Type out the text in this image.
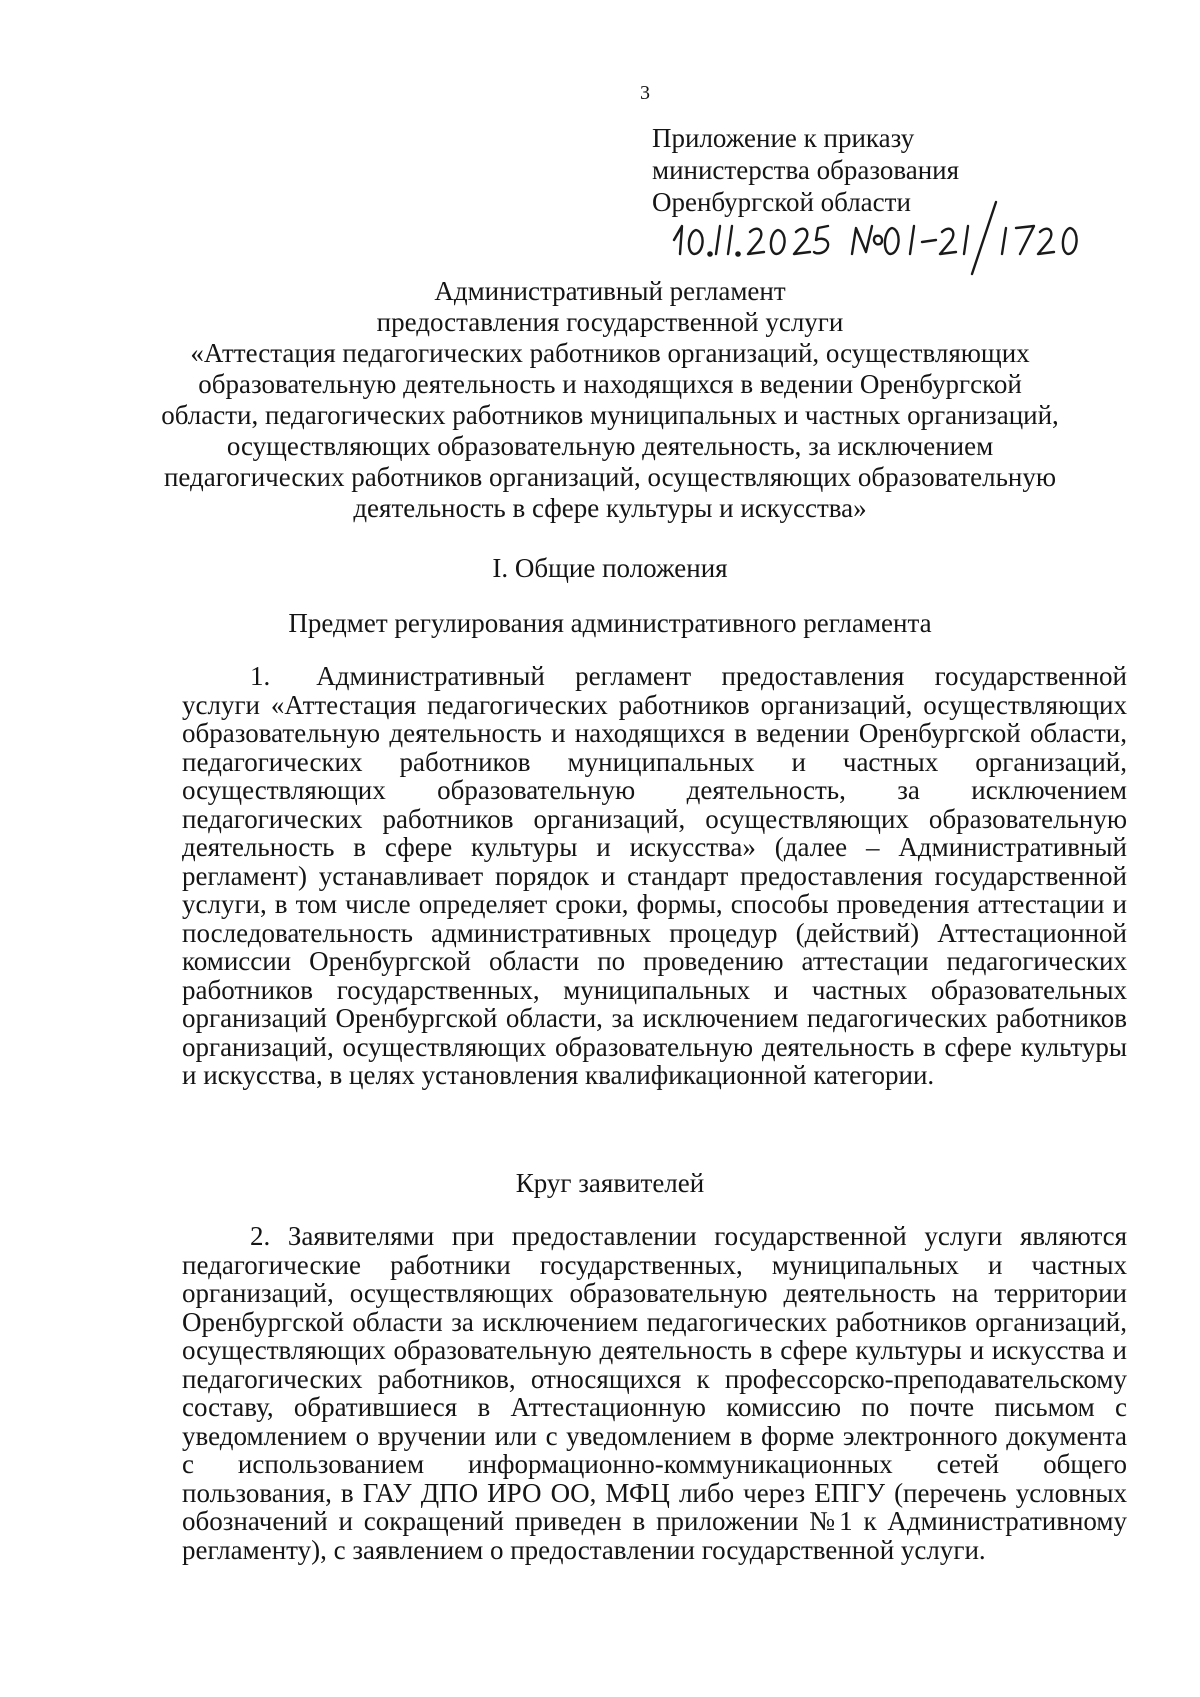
3
Приложение к приказу
министерства образования
Оренбургской области
Административный регламент
предоставления государственной услуги
«Аттестация педагогических работников организаций, осуществляющих
образовательную деятельность и находящихся в ведении Оренбургской
области, педагогических работников муниципальных и частных организаций,
осуществляющих образовательную деятельность, за исключением
педагогических работников организаций, осуществляющих образовательную
деятельность в сфере культуры и искусства»
I. Общие положения
Предмет регулирования административного регламента
1. Административный регламент предоставления государственной услуги «Аттестация педагогических работников организаций, осуществляющих образовательную деятельность и находящихся в ведении Оренбургской области, педагогических работников муниципальных и частных организаций, осуществляющих образовательную деятельность, за исключением педагогических работников организаций, осуществляющих образовательную деятельность в сфере культуры и искусства» (далее – Административный регламент) устанавливает порядок и стандарт предоставления государственной услуги, в том числе определяет сроки, формы, способы проведения аттестации и последовательность административных процедур (действий) Аттестационной комиссии Оренбургской области по проведению аттестации педагогических работников государственных, муниципальных и частных образовательных организаций Оренбургской области, за исключением педагогических работников организаций, осуществляющих образовательную деятельность в сфере культуры и искусства, в целях установления квалификационной категории.
Круг заявителей
2. Заявителями при предоставлении государственной услуги являются педагогические работники государственных, муниципальных и частных организаций, осуществляющих образовательную деятельность на территории Оренбургской области за исключением педагогических работников организаций, осуществляющих образовательную деятельность в сфере культуры и искусства и педагогических работников, относящихся к профессорско-преподавательскому составу, обратившиеся в Аттестационную комиссию по почте письмом с уведомлением о вручении или с уведомлением в форме электронного документа с использованием информационно-коммуникационных сетей общего пользования, в ГАУ ДПО ИРО ОО, МФЦ либо через ЕПГУ (перечень условных обозначений и сокращений приведен в приложении №1 к Административному регламенту), с заявлением о предоставлении государственной услуги.
